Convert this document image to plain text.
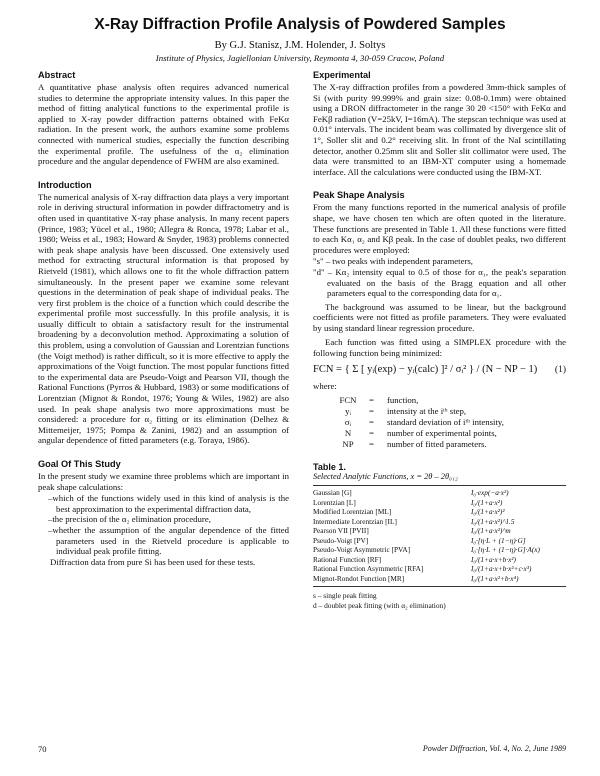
X-Ray Diffraction Profile Analysis of Powdered Samples
By G.J. Stanisz, J.M. Holender, J. Soltys
Institute of Physics, Jagiellonian University, Reymonta 4, 30-059 Cracow, Poland
Abstract

A quantitative phase analysis often requires advanced numerical studies to determine the appropriate intensity values. In this paper the method of fitting analytical functions to the experimental profile is applied to X-ray powder diffraction patterns obtained with FeKα radiation. In the present work, the authors examine some problems connected with numerical studies, especially the function describing the experimental profile. The usefulness of the α₂ elimination procedure and the angular dependence of FWHM are also examined.

Introduction

The numerical analysis of X-ray diffraction data plays a very important role in deriving structural information in powder diffractometry and is often used in quantitative X-ray phase analysis. In many recent papers (Prince, 1983; Yücel et al., 1980; Allegra & Ronca, 1978; Labar et al., 1980; Weiss et al., 1983; Howard & Snyder, 1983) problems connected with peak shape analysis have been discussed. One extensively used method for extracting structural information is that proposed by Rietveld (1981), which allows one to fit the whole diffraction pattern simultaneously. In the present paper we examine some relevant questions in the determination of peak shape of individual peaks. The very first problem is the choice of a function which could describe the experimental profile most successfully. In this profile analysis, it is usually difficult to obtain a satisfactory result for the instrumental broadening by a deconvolution method. Approximating a solution of this problem, using a convolution of Gaussian and Lorentzian functions (the Voigt method) is rather difficult, so it is more effective to apply the approximations of the Voigt function. The most popular functions fitted to the experimental data are Pseudo-Voigt and Pearson VII, though the Rational Functions (Pyrros & Hubbard, 1983) or some modifications of Lorentzian (Mignot & Rondot, 1976; Young & Wiles, 1982) are also used. In peak shape analysis two more approximations must be considered: a procedure for α₂ fitting or its elimination (Delhez & Mittemeijer, 1975; Pompa & Zanini, 1982) and an assumption of angular dependence of fitted parameters (e.g. Toraya, 1986).

Goal Of This Study

In the present study we examine three problems which are important in peak shape calculations:

–which of the functions widely used in this kind of analysis is the best approximation to the experimental diffraction data,
–the precision of the α₂ elimination procedure,
–whether the assumption of the angular dependence of the fitted parameters used in the Rietveld procedure is applicable to individual peak profile fitting.

Diffraction data from pure Si has been used for these tests.

Experimental

The X-ray diffraction profiles from a powdered 3mm-thick samples of Si (with purity 99.999% and grain size: 0.08-0.1mm) were obtained using a DRON diffractometer in the range 30 2θ <150° with FeKα and FeKβ radiation (V=25kV, I=16mA). The stepscan technique was used at 0.01° intervals. The incident beam was collimated by divergence slit of 1°, Soller slit and 0.2° receiving slit. In front of the NaI scintillating detector, another 0.25mm slit and Soller slit collimator were used. The data were transmitted to an IBM-XT computer using a homemade interface. All the calculations were conducted using the IBM-XT.

Peak Shape Analysis

From the many functions reported in the numerical analysis of profile shape, we have chosen ten which are often quoted in the literature. These functions are presented in Table 1. All these functions were fitted to each Kα₁ α₂ and Kβ peak. In the case of doublet peaks, two different procedures were employed:

"s" – two peaks with independent parameters,

"d" – Kα₂ intensity equal to 0.5 of those for α₁, the peak's separation evaluated on the basis of the Bragg equation and all other parameters equal to the corresponding data for α₁.

The background was assumed to be linear, but the background coefficients were not fitted as profile parameters. They were evaluated by using standard linear regression procedure.

Each function was fitted using a SIMPLEX procedure with the following function being minimized:

FCN = { Σ [ yᵢ(exp) − yᵢ(calc) ]² / σᵢ² } / (N − NP − 1) (1)

where:

FCN	=	function,
yᵢ	=	intensity at the iᵗʰ step,
σᵢ	=	standard deviation of iᵗʰ intensity,
N	=	number of experimental points,
NP	=	number of fitted parameters.

Table 1.

Selected Analytic Functions, x = 2θ – 2θ₀₁₂

Gaussian [G]	I₀·exp(−a·x²)
Lorentzian [L]	I₀/(1+a·x²)
Modified Lorentzian [ML]	I₀/(1+a·x²)²
Intermediate Lorentzian [IL]	I₀/(1+a·x²)^1.5
Pearson VII [PVII]	I₀/(1+a·x²)^m
Pseudo-Voigt [PV]	I₀·[η·L + (1−η)·G]
Pseudo-Voigt Asymmetric [PVA]	I₀·[η·L + (1−η)·G]·A(x)
Rational Function [RF]	I₀/(1+a·x+b·x²)
Rational Function Asymmetric [RFA]	I₀/(1+a·x+b·x²+c·x³)
Mignot-Rondot Function [MR]	I₀/(1+a·x²+b·x⁴)
s – single peak fitting
d – doublet peak fitting (with α₂ elimination)
70	Powder Diffraction, Vol. 4, No. 2, June 1989
